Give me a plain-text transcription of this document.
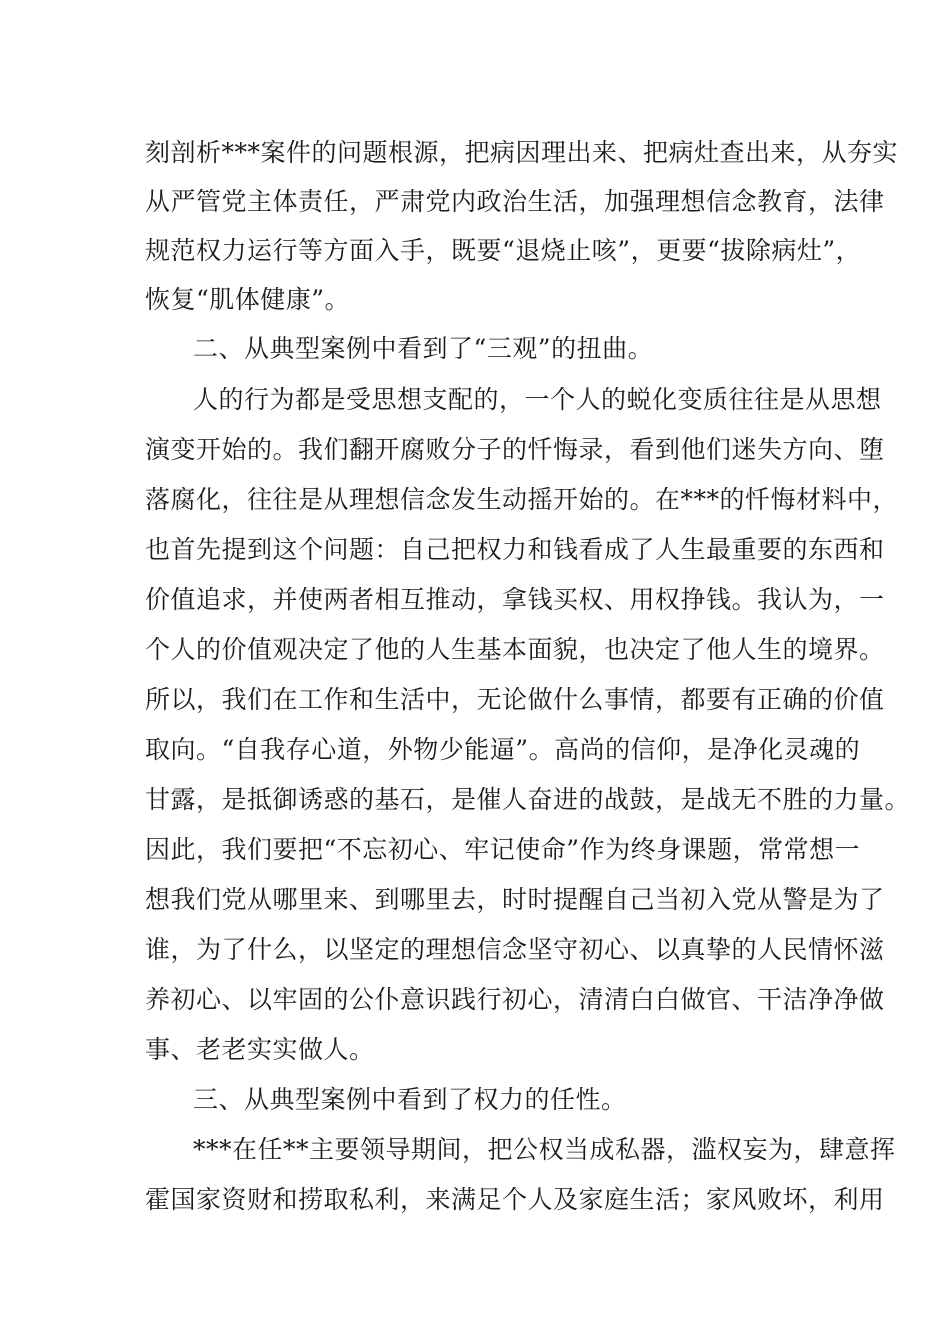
刻剖析***案件的问题根源，把病因理出来、把病灶查出来，从夯实
从严管党主体责任，严肃党内政治生活，加强理想信念教育，法律
规范权力运行等方面入手，既要“退烧止咳”，更要“拔除病灶”，
恢复“肌体健康”。
二、从典型案例中看到了“三观”的扭曲。
人的行为都是受思想支配的，一个人的蜕化变质往往是从思想
演变开始的。我们翻开腐败分子的忏悔录，看到他们迷失方向、堕
落腐化，往往是从理想信念发生动摇开始的。在***的忏悔材料中，
也首先提到这个问题：自己把权力和钱看成了人生最重要的东西和
价值追求，并使两者相互推动，拿钱买权、用权挣钱。我认为，一
个人的价值观决定了他的人生基本面貌，也决定了他人生的境界。
所以，我们在工作和生活中，无论做什么事情，都要有正确的价值
取向。“自我存心道，外物少能逼”。高尚的信仰，是净化灵魂的
甘露，是抵御诱惑的基石，是催人奋进的战鼓，是战无不胜的力量。
因此，我们要把“不忘初心、牢记使命”作为终身课题，常常想一
想我们党从哪里来、到哪里去，时时提醒自己当初入党从警是为了
谁，为了什么，以坚定的理想信念坚守初心、以真挚的人民情怀滋
养初心、以牢固的公仆意识践行初心，清清白白做官、干洁净净做
事、老老实实做人。
三、从典型案例中看到了权力的任性。
***在任**主要领导期间，把公权当成私器，滥权妄为，肆意挥
霍国家资财和捞取私利，来满足个人及家庭生活；家风败坏，利用
